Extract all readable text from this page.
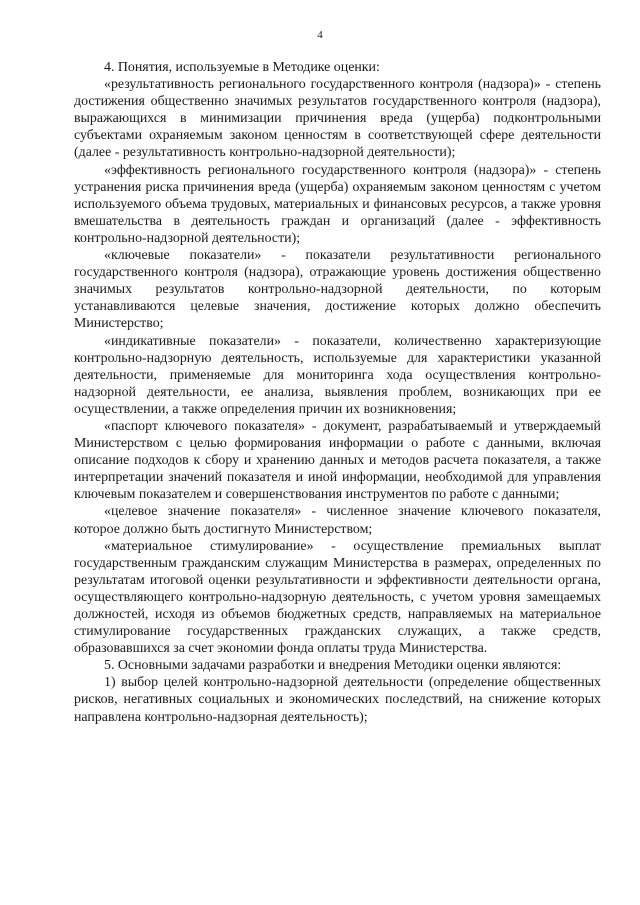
4

4. Понятия, используемые в Методике оценки:

«результативность регионального государственного контроля (надзора)» - степень достижения общественно значимых результатов государственного контроля (надзора), выражающихся в минимизации причинения вреда (ущерба) подконтрольными субъектами охраняемым законом ценностям в соответствующей сфере деятельности (далее - результативность контрольно-надзорной деятельности);

«эффективность регионального государственного контроля (надзора)» - степень устранения риска причинения вреда (ущерба) охраняемым законом ценностям с учетом используемого объема трудовых, материальных и финансовых ресурсов, а также уровня вмешательства в деятельность граждан и организаций (далее - эффективность контрольно-надзорной деятельности);

«ключевые показатели» - показатели результативности регионального государственного контроля (надзора), отражающие уровень достижения общественно значимых результатов контрольно-надзорной деятельности, по которым устанавливаются целевые значения, достижение которых должно обеспечить Министерство;

«индикативные показатели» - показатели, количественно характеризующие контрольно-надзорную деятельность, используемые для характеристики указанной деятельности, применяемые для мониторинга хода осуществления контрольно-надзорной деятельности, ее анализа, выявления проблем, возникающих при ее осуществлении, а также определения причин их возникновения;

«паспорт ключевого показателя» - документ, разрабатываемый и утверждаемый Министерством с целью формирования информации о работе с данными, включая описание подходов к сбору и хранению данных и методов расчета показателя, а также интерпретации значений показателя и иной информации, необходимой для управления ключевым показателем и совершенствования инструментов по работе с данными;

«целевое значение показателя» - численное значение ключевого показателя, которое должно быть достигнуто Министерством;

«материальное стимулирование» - осуществление премиальных выплат государственным гражданским служащим Министерства в размерах, определенных по результатам итоговой оценки результативности и эффективности деятельности органа, осуществляющего контрольно-надзорную деятельность, с учетом уровня замещаемых должностей, исходя из объемов бюджетных средств, направляемых на материальное стимулирование государственных гражданских служащих, а также средств, образовавшихся за счет экономии фонда оплаты труда Министерства.

5. Основными задачами разработки и внедрения Методики оценки являются:

1) выбор целей контрольно-надзорной деятельности (определение общественных рисков, негативных социальных и экономических последствий, на снижение которых направлена контрольно-надзорная деятельность);
